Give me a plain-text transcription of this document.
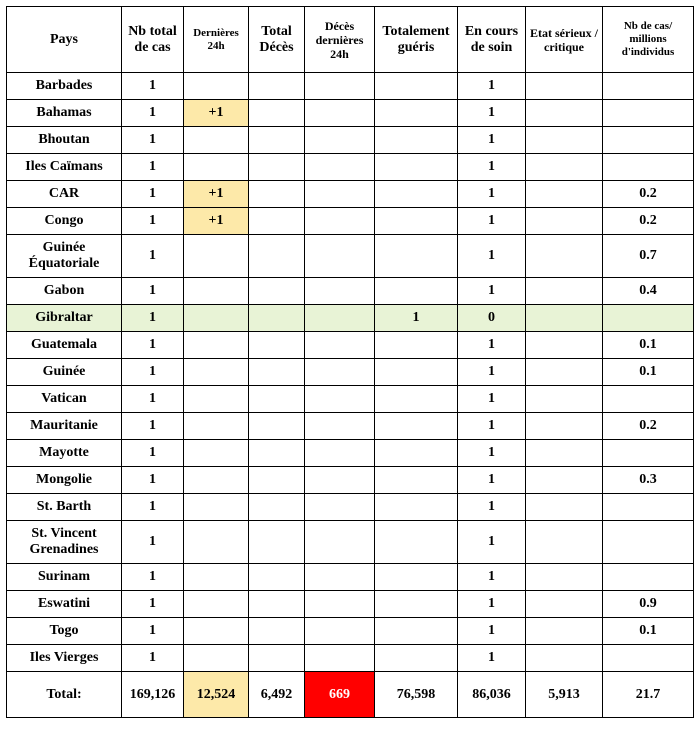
Pays	Nb total de cas	Dernières 24h	Total Décès	Décès dernières 24h	Totalement guéris	En cours de soin	Etat sérieux / critique	Nb de cas/ millions d'individus
Barbades	1					1		
Bahamas	1	+1				1		
Bhoutan	1					1		
Iles Caïmans	1					1		
CAR	1	+1				1		0.2
Congo	1	+1				1		0.2
Guinée Équatoriale	1					1		0.7
Gabon	1					1		0.4
Gibraltar	1				1	0		
Guatemala	1					1		0.1
Guinée	1					1		0.1
Vatican	1					1		
Mauritanie	1					1		0.2
Mayotte	1					1		
Mongolie	1					1		0.3
St. Barth	1					1		
St. Vincent Grenadines	1					1		
Surinam	1					1		
Eswatini	1					1		0.9
Togo	1					1		0.1
Iles Vierges	1					1		
Total:	169,126	12,524	6,492	669	76,598	86,036	5,913	21.7
